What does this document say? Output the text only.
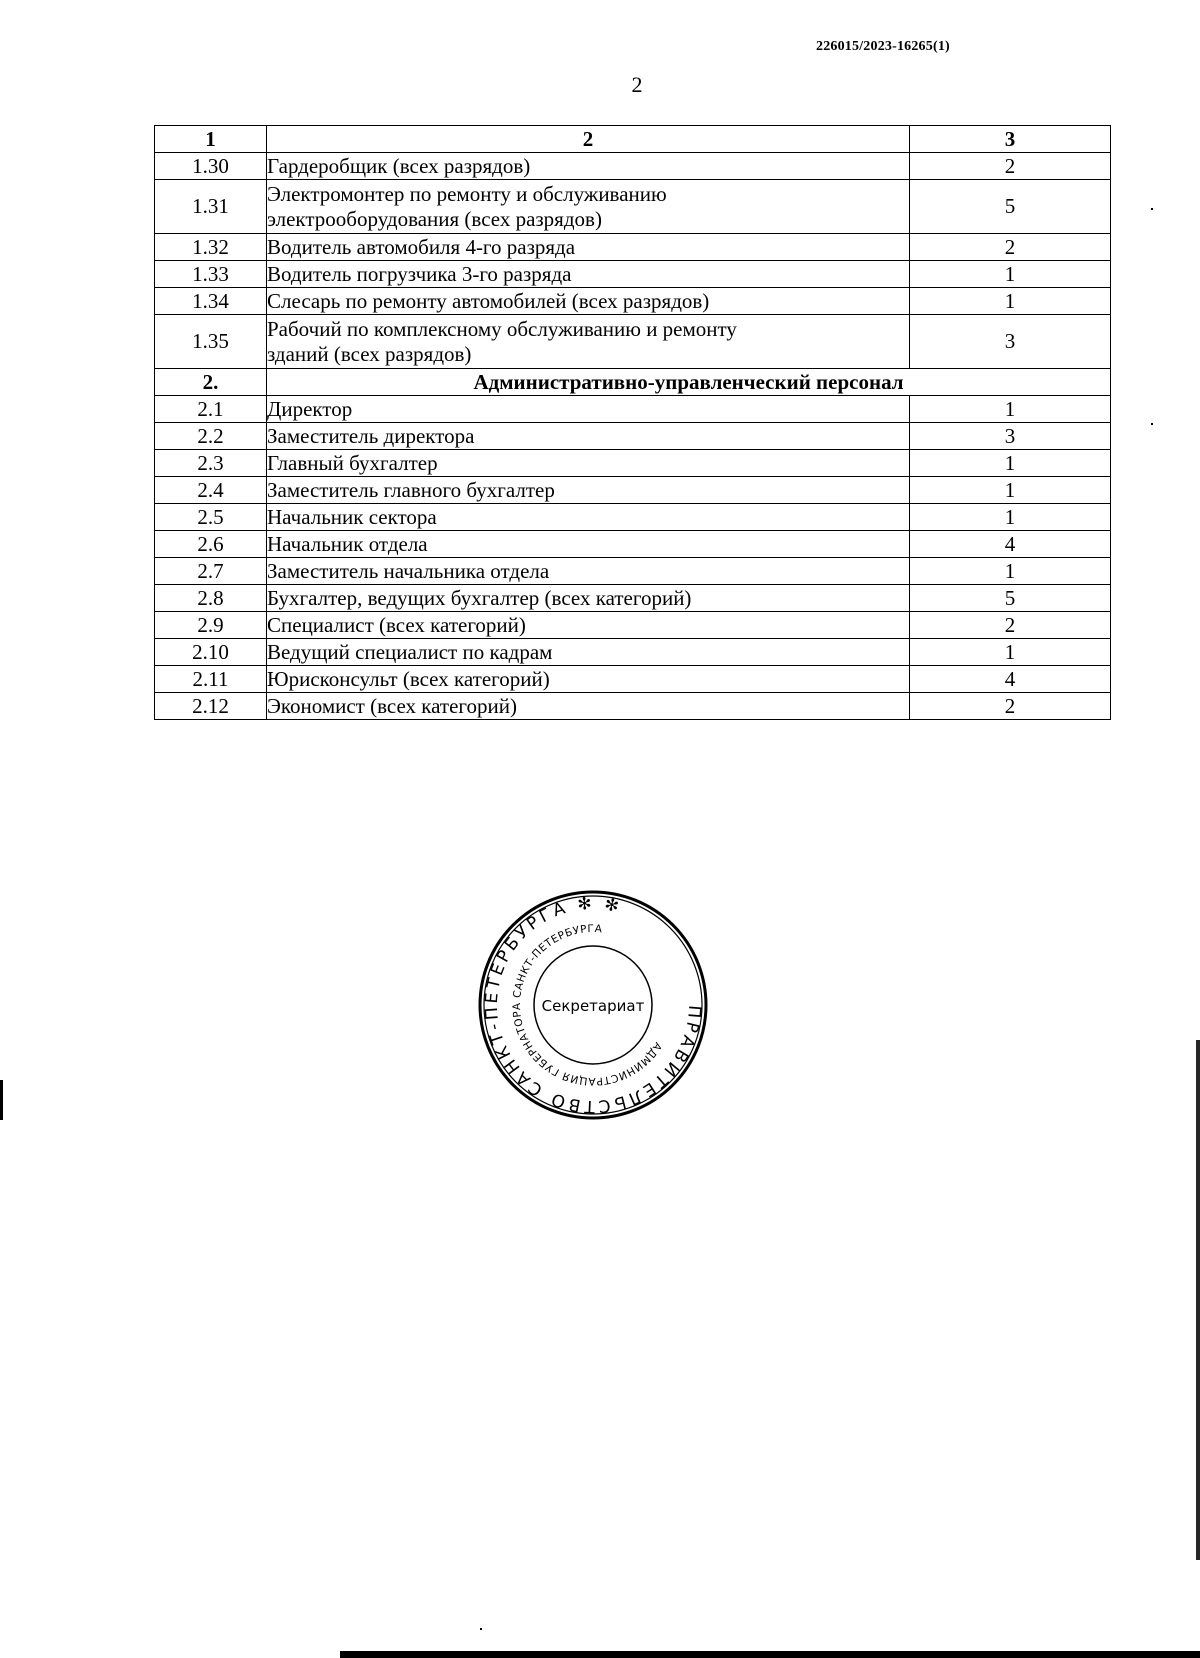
226015/2023-16265(1)
2
1	2	3
1.30	Гардеробщик (всех разрядов)	2
1.31	Электромонтер по ремонту и обслуживанию
электрооборудования (всех разрядов)	5
1.32	Водитель автомобиля 4-го разряда	2
1.33	Водитель погрузчика 3-го разряда	1
1.34	Слесарь по ремонту автомобилей (всех разрядов)	1
1.35	Рабочий по комплексному обслуживанию и ремонту
зданий (всех разрядов)	3
2.	Административно-управленческий персонал	
2.1	Директор	1
2.2	Заместитель директора	3
2.3	Главный бухгалтер	1
2.4	Заместитель главного бухгалтер	1
2.5	Начальник сектора	1
2.6	Начальник отдела	4
2.7	Заместитель начальника отдела	1
2.8	Бухгалтер, ведущих бухгалтер (всех категорий)	5
2.9	Специалист (всех категорий)	2
2.10	Ведущий специалист по кадрам	1
2.11	Юрисконсульт (всех категорий)	4
2.12	Экономист (всех категорий)	2
ПРАВИТЕЛЬСТВО САНКТ-ПЕТЕРБУРГА ✻ ✻
АДМИНИСТРАЦИЯ ГУБЕРНАТОРА САНКТ-ПЕТЕРБУРГА
Секретариат
